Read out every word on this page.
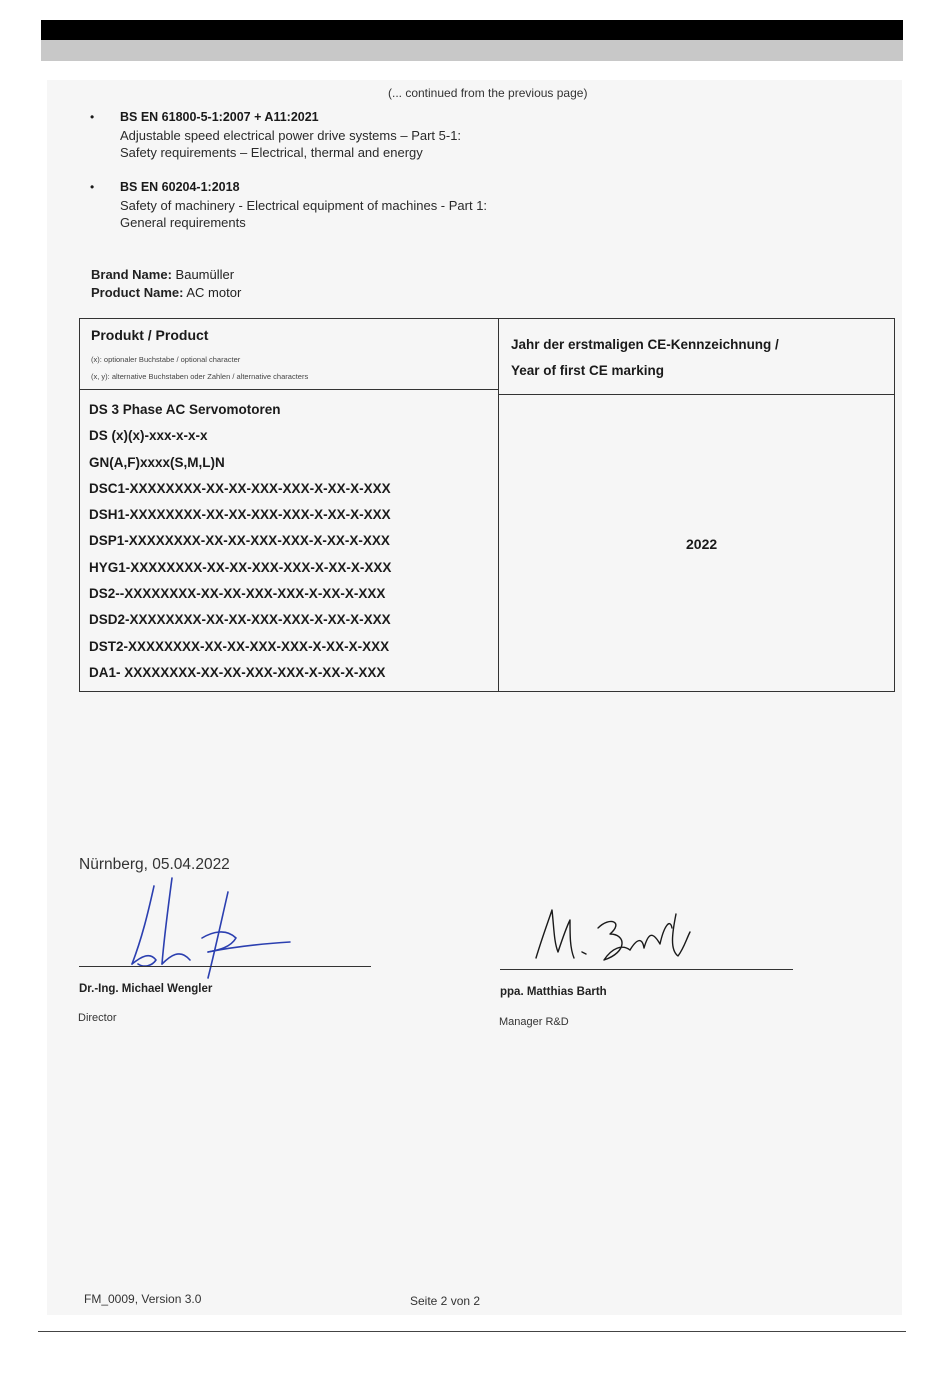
(... continued from the previous page)
• BS EN 61800-5-1:2007 + A11:2021
Adjustable speed electrical power drive systems – Part 5-1:
Safety requirements – Electrical, thermal and energy
• BS EN 60204-1:2018
Safety of machinery - Electrical equipment of machines - Part 1:
General requirements
Brand Name: Baumüller
Product Name: AC motor
Produkt / Product
(x): optionaler Buchstabe / optional character
(x, y): alternative Buchstaben oder Zahlen / alternative characters
Jahr der erstmaligen CE-Kennzeichnung /
Year of first CE marking
DS 3 Phase AC Servomotoren
DS (x)(x)-xxx-x-x-x
GN(A,F)xxxx(S,M,L)N
DSC1-XXXXXXXX-XX-XX-XXX-XXX-X-XX-X-XXX
DSH1-XXXXXXXX-XX-XX-XXX-XXX-X-XX-X-XXX
DSP1-XXXXXXXX-XX-XX-XXX-XXX-X-XX-X-XXX
HYG1-XXXXXXXX-XX-XX-XXX-XXX-X-XX-X-XXX
DS2--XXXXXXXX-XX-XX-XXX-XXX-X-XX-X-XXX
DSD2-XXXXXXXX-XX-XX-XXX-XXX-X-XX-X-XXX
DST2-XXXXXXXX-XX-XX-XXX-XXX-X-XX-X-XXX
DA1- XXXXXXXX-XX-XX-XXX-XXX-X-XX-X-XXX
2022
Nürnberg, 05.04.2022
Dr.-Ing. Michael Wengler
Director
ppa. Matthias Barth
Manager R&D
FM_0009, Version 3.0	Seite 2 von 2
